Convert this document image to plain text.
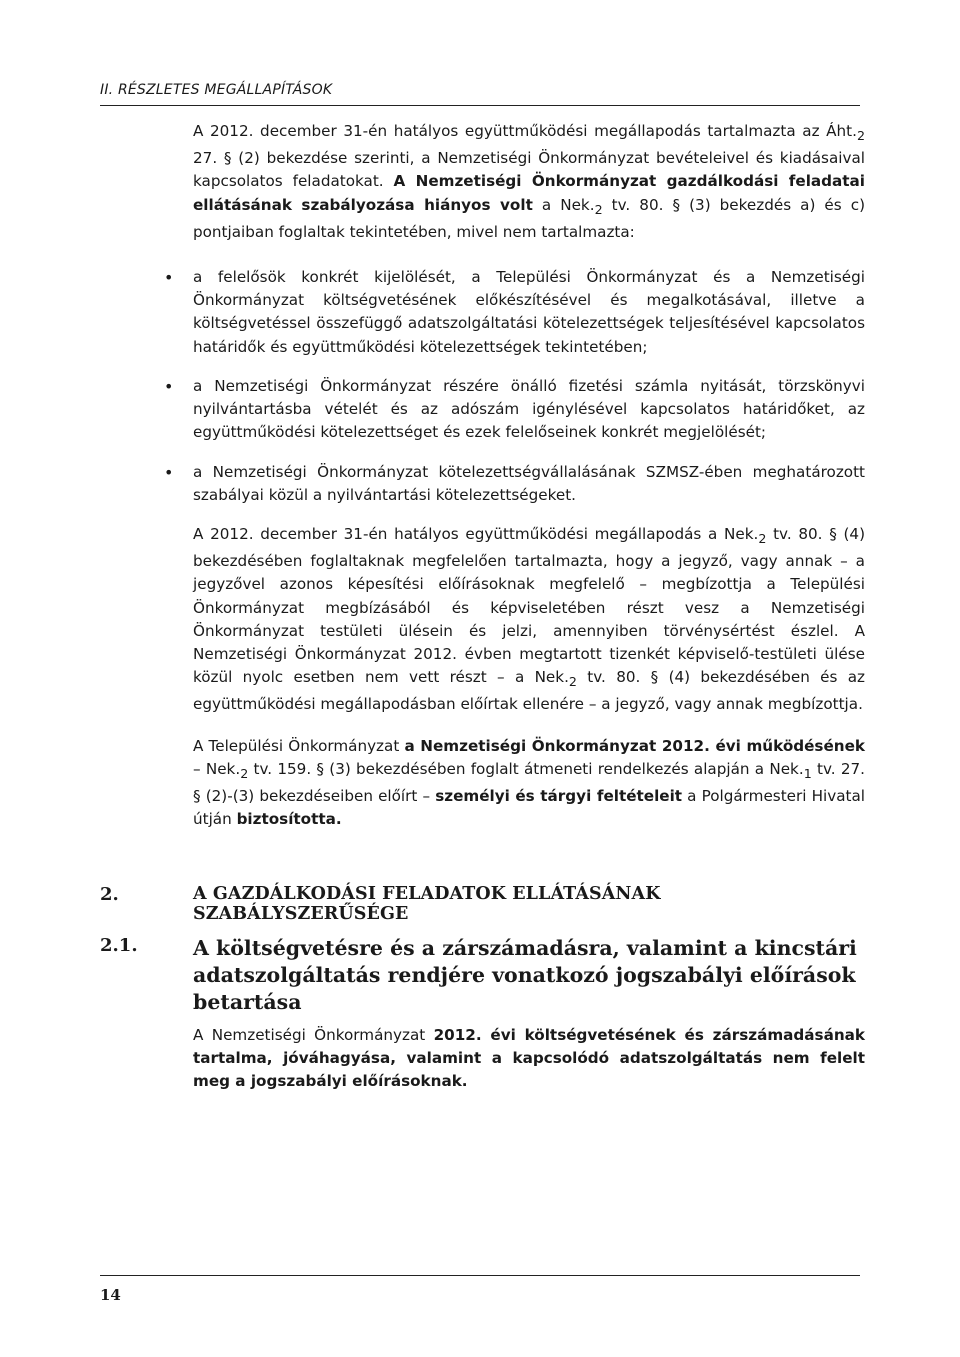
II. RÉSZLETES MEGÁLLAPÍTÁSOK

A 2012. december 31-én hatályos együttműködési megállapodás tartalmazta az $Áht._2$ 27. § (2) bekezdése szerinti, a Nemzetiségi Önkormányzat bevételeivel és kiadásaival kapcsolatos feladatokat. A Nemzetiségi Önkormányzat gazdálkodási feladatai ellátásának szabályozása hiányos volt a $Nek._2$ tv. 80. § (3) bekezdés a) és c) pontjaiban foglaltak tekintetében, mivel nem tartalmazta:

• a felelősök konkrét kijelölését, a Települési Önkormányzat és a Nemzetiségi Önkormányzat költségvetésének előkészítésével és megalkotásával, illetve a költségvetéssel összefüggő adatszolgáltatási kötelezettségek teljesítésével kapcsolatos határidők és együttműködési kötelezettségek tekintetében;
• a Nemzetiségi Önkormányzat részére önálló fizetési számla nyitását, törzskönyvi nyilvántartásba vételét és az adószám igénylésével kapcsolatos határidőket, az együttműködési kötelezettséget és ezek felelőseinek konkrét megjelölését;
• a Nemzetiségi Önkormányzat kötelezettségvállalásának SZMSZ-ében meghatározott szabályai közül a nyilvántartási kötelezettségeket.

A 2012. december 31-én hatályos együttműködési megállapodás a $Nek._2$ tv. 80. § (4) bekezdésében foglaltaknak megfelelően tartalmazta, hogy a jegyző, vagy annak – a jegyzővel azonos képesítési előírásoknak megfelelő – megbízottja a Települési Önkormányzat megbízásából és képviseletében részt vesz a Nemzetiségi Önkormányzat testületi ülésein és jelzi, amennyiben törvénysértést észlel. A Nemzetiségi Önkormányzat 2012. évben megtartott tizenkét képviselő-testületi ülése közül nyolc esetben nem vett részt – a $Nek._2$ tv. 80. § (4) bekezdésében és az együttműködési megállapodásban előírtak ellenére – a jegyző, vagy annak megbízottja.

A Települési Önkormányzat a Nemzetiségi Önkormányzat 2012. évi működésének – $Nek._2$ tv. 159. § (3) bekezdésében foglalt átmeneti rendelkezés alapján a $Nek._1$ tv. 27. § (2)-(3) bekezdéseiben előírt – személyi és tárgyi feltételeit a Polgármesteri Hivatal útján biztosította.

2.	A GAZDÁLKODÁSI FELADATOK ELLÁTÁSÁNAK SZABÁLYSZERŰSÉGE
2.1.	A költségvetésre és a zárszámadásra, valamint a kincstári adatszolgáltatás rendjére vonatkozó jogszabályi előírások betartása
A Nemzetiségi Önkormányzat 2012. évi költségvetésének és zárszámadásának tartalma, jóváhagyása, valamint a kapcsolódó adatszolgáltatás nem felelt meg a jogszabályi előírásoknak.
14
